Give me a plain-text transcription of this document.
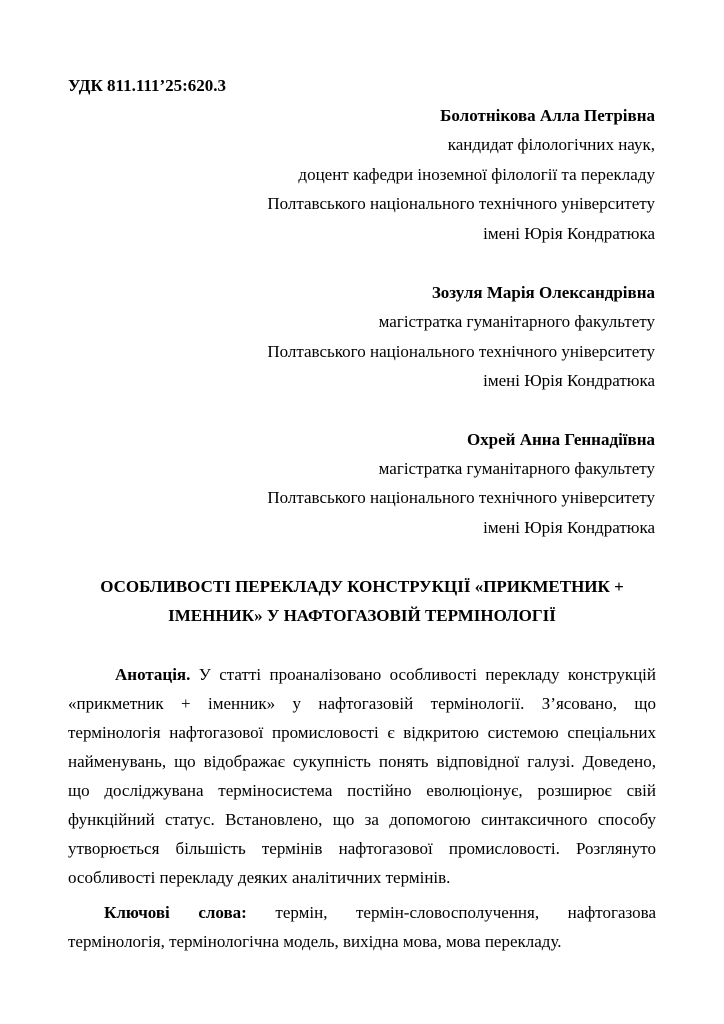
УДК 811.111’25:620.3
Болотнікова Алла Петрівна
кандидат філологічних наук,
доцент кафедри іноземної філології та перекладу
Полтавського національного технічного університету
імені Юрія Кондратюка
Зозуля Марія Олександрівна
магістратка гуманітарного факультету
Полтавського національного технічного університету
імені Юрія Кондратюка
Охрей Анна Геннадіївна
магістратка гуманітарного факультету
Полтавського національного технічного університету
імені Юрія Кондратюка
ОСОБЛИВОСТІ ПЕРЕКЛАДУ КОНСТРУКЦІЇ «ПРИКМЕТНИК +
ІМЕННИК» У НАФТОГАЗОВІЙ ТЕРМІНОЛОГІЇ
Анотація. У статті проаналізовано особливості перекладу конструкцій
«прикметник + іменник» у нафтогазовій термінології. З’ясовано, що
термінологія нафтогазової промисловості є відкритою системою спеціальних
найменувань, що відображає сукупність понять відповідної галузі. Доведено,
що досліджувана терміносистема постійно еволюціонує, розширює свій
функційний статус. Встановлено, що за допомогою синтаксичного способу
утворюється більшість термінів нафтогазової промисловості. Розглянуто
особливості перекладу деяких аналітичних термінів.
Ключові слова: термін, термін-словосполучення, нафтогазова
термінологія, термінологічна модель, вихідна мова, мова перекладу.
